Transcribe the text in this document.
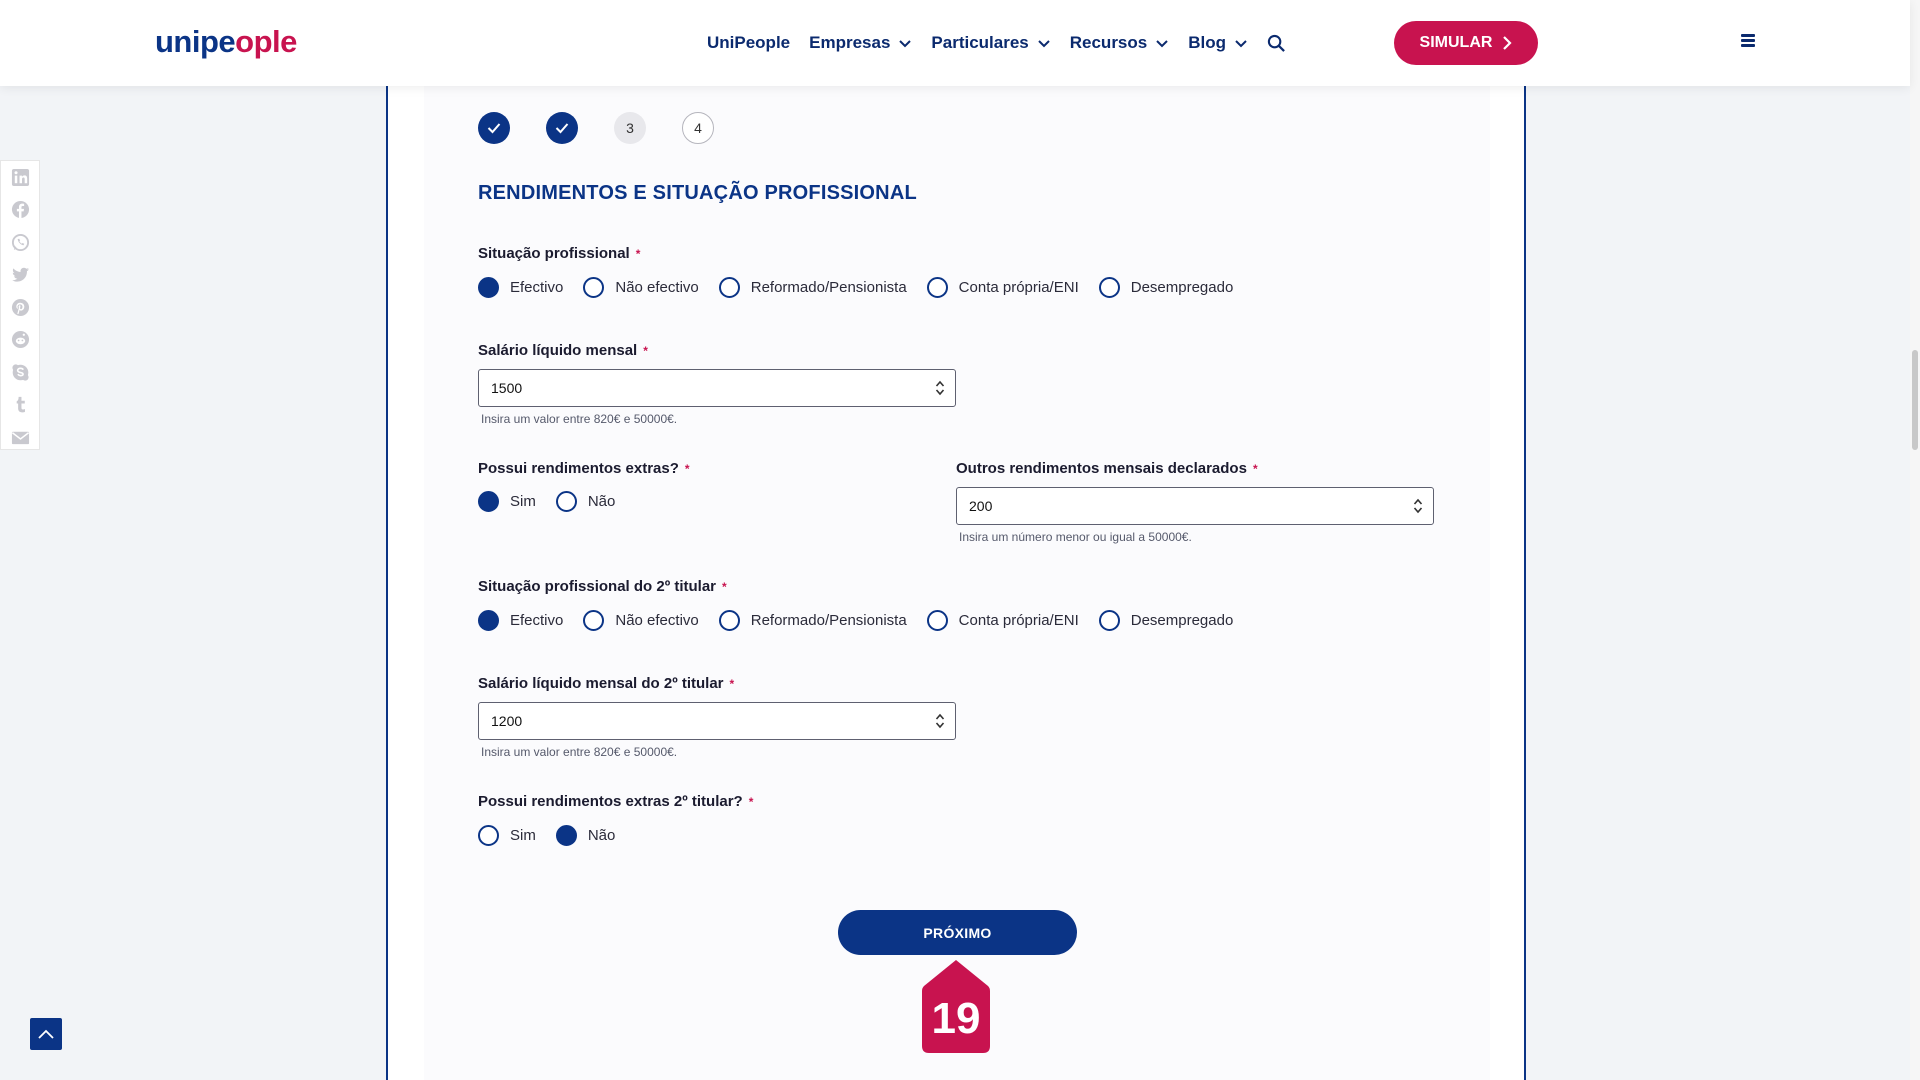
unipeople	UniPeople Empresas Particulares Recursos Blog	SIMULAR
3	4
RENDIMENTOS E SITUAÇÃO PROFISSIONAL
Situação profissional *
Efectivo	Não efectivo	Reformado/Pensionista	Conta própria/ENI	Desempregado
Salário líquido mensal *
1500
Insira um valor entre 820€ e 50000€.
Possui rendimentos extras? *
Sim	Não
Outros rendimentos mensais declarados *
200
Insira um número menor ou igual a 50000€.
Situação profissional do 2º titular *
Efectivo	Não efectivo	Reformado/Pensionista	Conta própria/ENI	Desempregado
Salário líquido mensal do 2º titular *
1200
Insira um valor entre 820€ e 50000€.
Possui rendimentos extras 2º titular? *
Sim	Não
PRÓXIMO
19
